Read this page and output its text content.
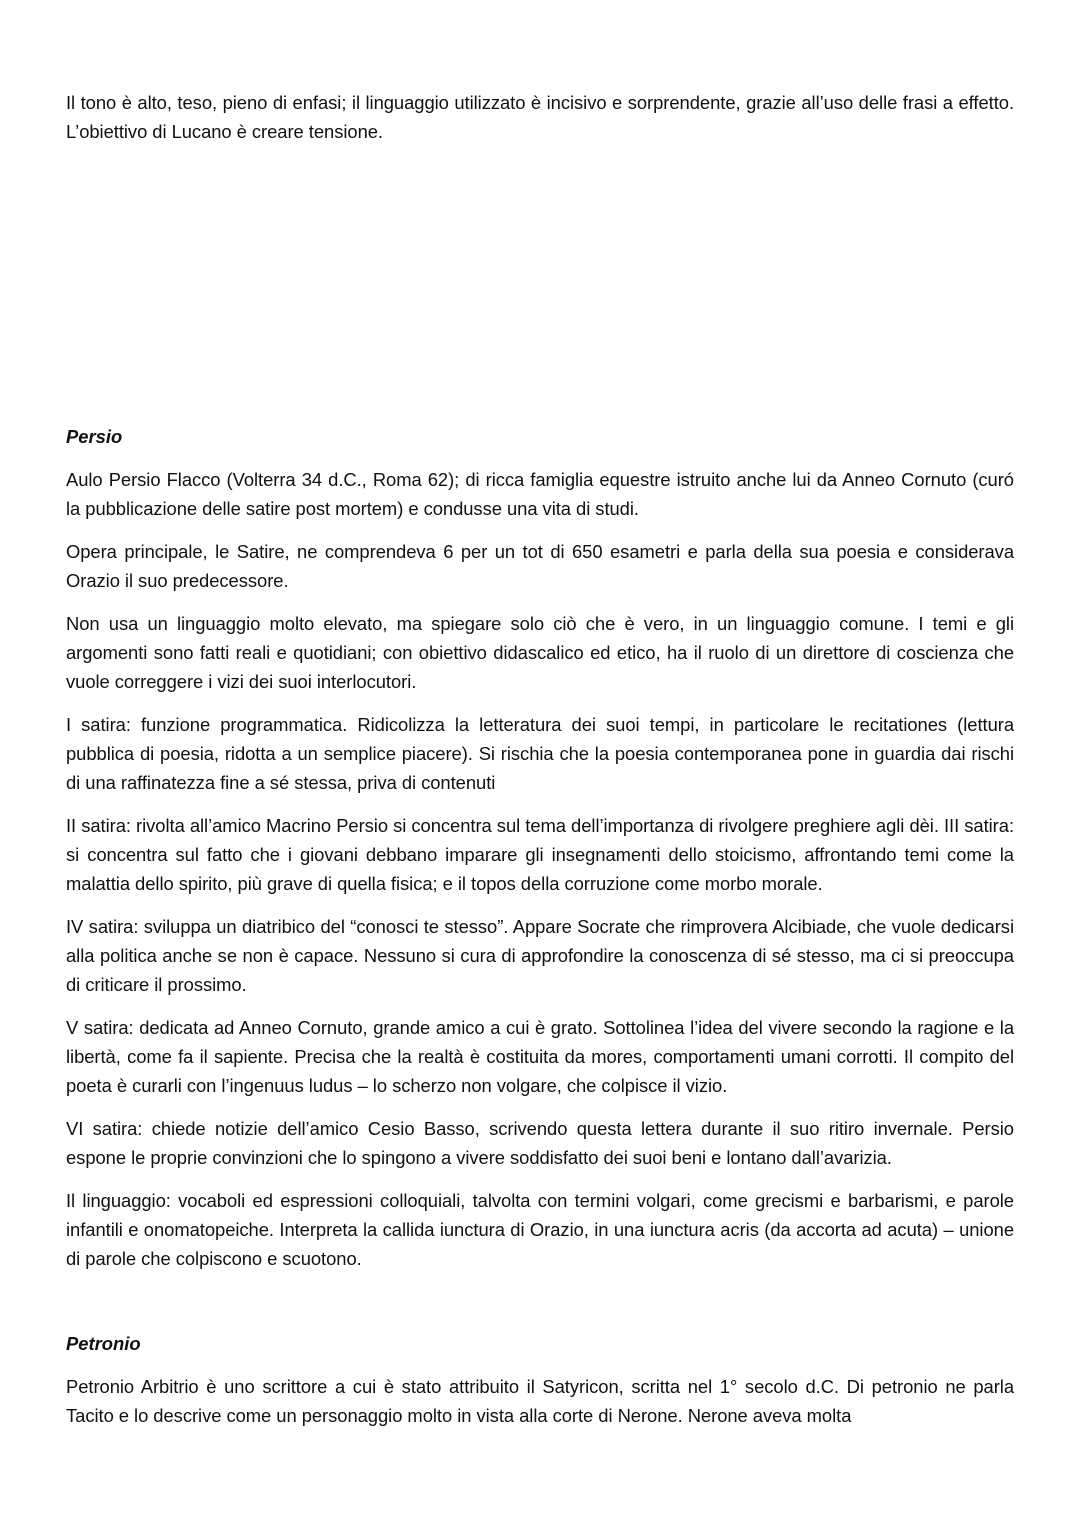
Il tono è alto, teso, pieno di enfasi; il linguaggio utilizzato è incisivo e sorprendente, grazie all’uso delle frasi a effetto. L’obiettivo di Lucano è creare tensione.

Persio

Aulo Persio Flacco (Volterra 34 d.C., Roma 62); di ricca famiglia equestre istruito anche lui da Anneo Cornuto (curó la pubblicazione delle satire post mortem) e condusse una vita di studi.

Opera principale, le Satire, ne comprendeva 6 per un tot di 650 esametri e parla della sua poesia e considerava Orazio il suo predecessore.

Non usa un linguaggio molto elevato, ma spiegare solo ciò che è vero, in un linguaggio comune. I temi e gli argomenti sono fatti reali e quotidiani; con obiettivo didascalico ed etico, ha il ruolo di un direttore di coscienza che vuole correggere i vizi dei suoi interlocutori.

I satira: funzione programmatica. Ridicolizza la letteratura dei suoi tempi, in particolare le recitationes (lettura pubblica di poesia, ridotta a un semplice piacere). Si rischia che la poesia contemporanea pone in guardia dai rischi di una raffinatezza fine a sé stessa, priva di contenuti

II satira: rivolta all’amico Macrino Persio si concentra sul tema dell’importanza di rivolgere preghiere agli dèi. III satira: si concentra sul fatto che i giovani debbano imparare gli insegnamenti dello stoicismo, affrontando temi come la malattia dello spirito, più grave di quella fisica; e il topos della corruzione come morbo morale.

IV satira: sviluppa un diatribico del “conosci te stesso”. Appare Socrate che rimprovera Alcibiade, che vuole dedicarsi alla politica anche se non è capace. Nessuno si cura di approfondire la conoscenza di sé stesso, ma ci si preoccupa di criticare il prossimo.

V satira: dedicata ad Anneo Cornuto, grande amico a cui è grato. Sottolinea l’idea del vivere secondo la ragione e la libertà, come fa il sapiente. Precisa che la realtà è costituita da mores, comportamenti umani corrotti. Il compito del poeta è curarli con l’ingenuus ludus – lo scherzo non volgare, che colpisce il vizio.

VI satira: chiede notizie dell’amico Cesio Basso, scrivendo questa lettera durante il suo ritiro invernale. Persio espone le proprie convinzioni che lo spingono a vivere soddisfatto dei suoi beni e lontano dall’avarizia.

Il linguaggio: vocaboli ed espressioni colloquiali, talvolta con termini volgari, come grecismi e barbarismi, e parole infantili e onomatopeiche. Interpreta la callida iunctura di Orazio, in una iunctura acris (da accorta ad acuta) – unione di parole che colpiscono e scuotono.

Petronio

Petronio Arbitrio è uno scrittore a cui è stato attribuito il Satyricon, scritta nel 1° secolo d.C. Di petronio ne parla Tacito e lo descrive come un personaggio molto in vista alla corte di Nerone. Nerone aveva molta
